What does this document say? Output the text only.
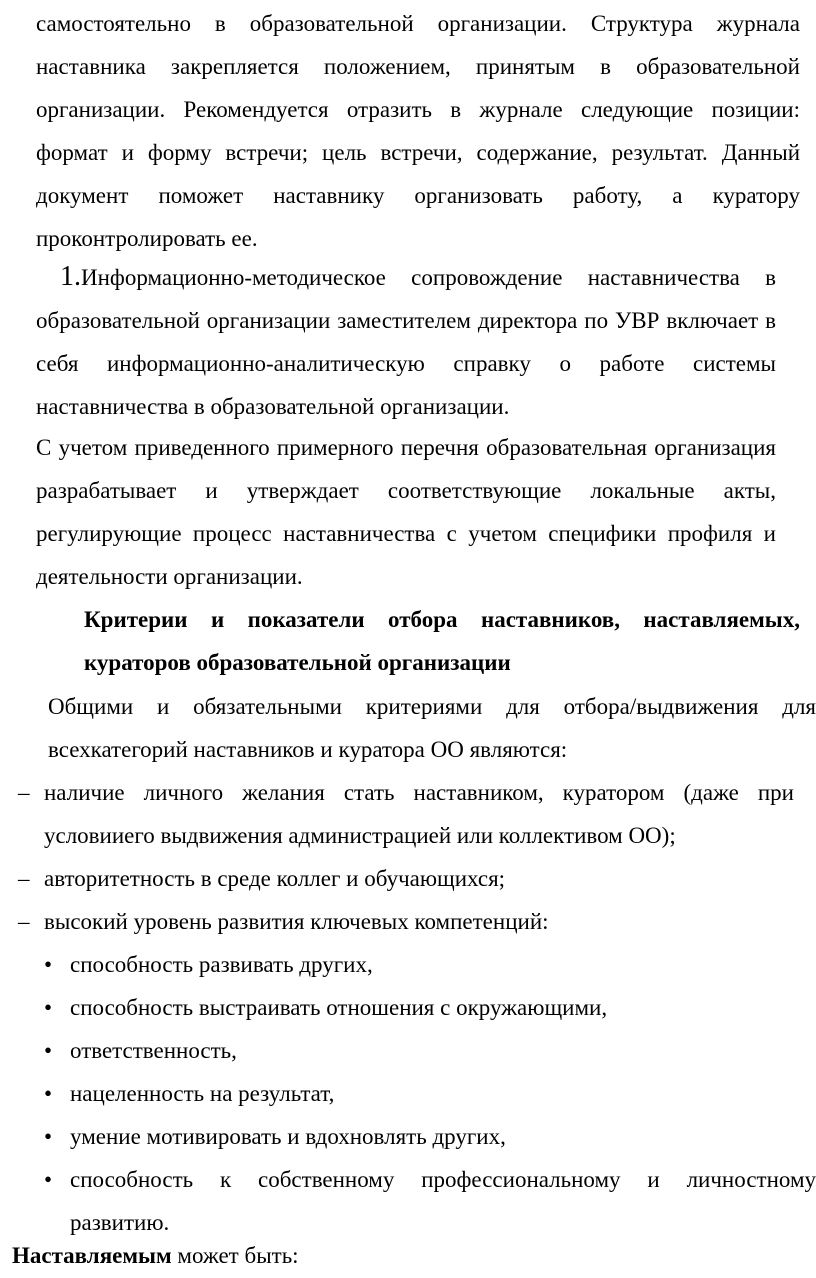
самостоятельно в образовательной организации. Структура журнала наставника закрепляется положением, принятым в образовательной организации. Рекомендуется отразить в журнале следующие позиции: формат и форму встречи; цель встречи, содержание, результат. Данный документ поможет наставнику организовать работу, а куратору проконтролировать ее.

1.Информационно-методическое сопровождение наставничества в образовательной организации заместителем директора по УВР включает в себя информационно-аналитическую справку о работе системы наставничества в образовательной организации.

С учетом приведенного примерного перечня образовательная организация разрабатывает и утверждает соответствующие локальные акты, регулирующие процесс наставничества с учетом специфики профиля и деятельности организации.

Критерии и показатели отбора наставников, наставляемых, кураторов образовательной организации

Общими и обязательными критериями для отбора/выдвижения для всехкатегорий наставников и куратора ОО являются:

– наличие личного желания стать наставником, куратором (даже при
условииего выдвижения администрацией или коллективом ОО);
– авторитетность в среде коллег и обучающихся;
– высокий уровень развития ключевых компетенций:
• способность развивать других,
• способность выстраивать отношения с окружающими,
• ответственность,
• нацеленность на результат,
• умение мотивировать и вдохновлять других,
• способность к собственному профессиональному и личностному
развитию.
Наставляемым может быть:
